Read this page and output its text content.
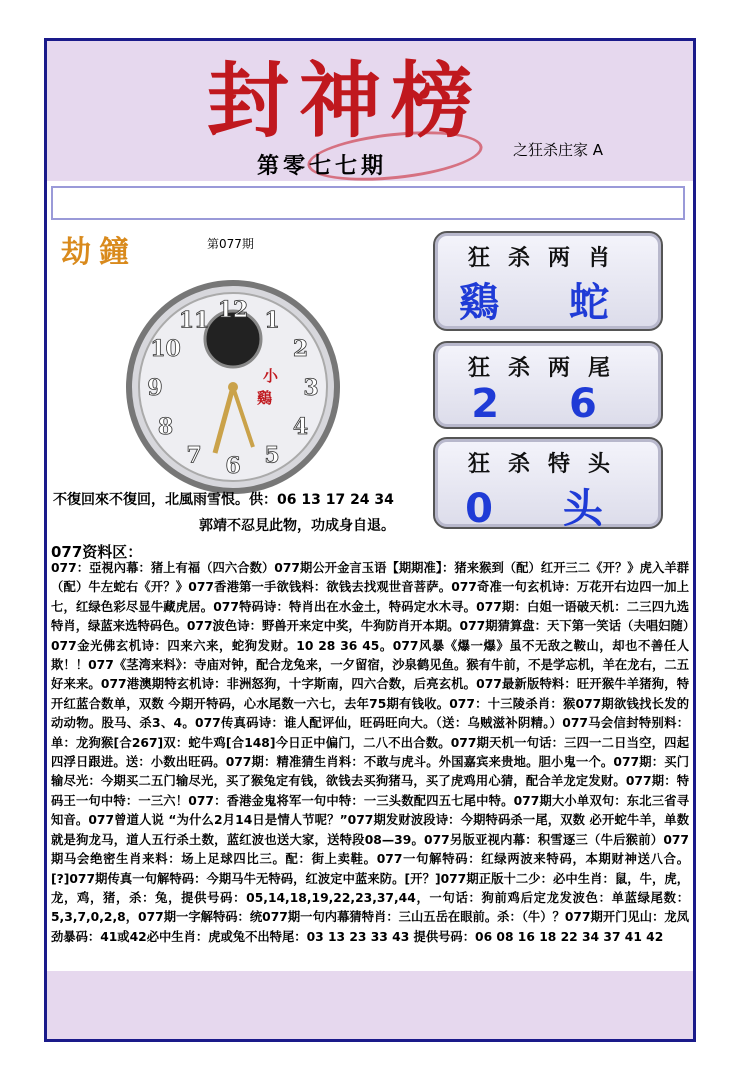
封神榜
第零七七期
之狂杀庄家 A
劫鐘	第077期
12 1
2
3
4
5
6
7
8
9
10
11
小
鷄
不復回來不復回，北風雨雪恨。供：06 13 17 24 34
郭靖不忍見此物，功成身自退。
狂杀两肖
鷄 蛇
狂杀两尾
2 6
狂杀特头
0 头
077资料区：
077：亞視內幕：猪上有福（四六合数）077期公开金言玉语【期期准】：猪来猴到（配）红开三二《开？》虎入羊群（配）牛左蛇右《开？》077香港第一手欲钱料：欲钱去找观世音菩萨。077奇准一句玄机诗：万花开右边四一加上七，红绿色彩尽显牛藏虎居。077特码诗：特肖出在水金土，特码定水木寻。077期：白姐一语破天机：二三四九选特肖，绿蓝来选特码色。077波色诗：野兽开来定中奖，牛狗防肖开本期。077期猜算盘：天下第一笑话（夫唱妇随）077金光佛玄机诗：四来六来，蛇狗发财。10 28 36 45。077风暴《爆一爆》虽不无敌之鞍山，却也不善任人欺！！077《茎湾来料》：寺庙对钟，配合龙兔来，一夕留宿，沙泉鹤见鱼。猴有牛前，不是学忘机，羊在龙右，二五好来来。077港澳期特玄机诗：非洲怒狗，十字斯南，四六合数，后亮玄机。077最新版特料：旺开猴牛羊猪狗，特开红蓝合数单，双数 今期开特码，心水尾数一六七，去年75期有钱收。077：十三陵杀肖：猴077期欲钱找长发的动动物。股马、杀3、4。077传真码诗：谁人配评仙，旺码旺向大。（送：乌贼滋补阴精。）077马会信封特别料：单：龙狗猴[合267]双：蛇牛鸡[合148]今日正中偏门，二八不出合数。077期天机一句话：三四一二日当空，四起四浮日跟进。送：小数出旺码。077期：精准猜生肖料：不敢与虎斗。外国嘉宾来贵地。胆小鬼一个。077期：买门输尽光：今期买二五门输尽光，买了猴兔定有钱，欲钱去买狗猪马，买了虎鸡用心猜，配合羊龙定发财。077期：特码王一句中特：一三六！077：香港金鬼将军一句中特：一三头数配四五七尾中特。077期大小单双句：东北三省寻知音。077曾道人说 “为什么2月14日是情人节呢？”077期发财波段诗：今期特码杀一尾，双数 必开蛇牛羊，单数就是狗龙马，道人五行杀土数，蓝红波也送大家，送特段08—39。077另版亚视内幕：积雪逐三（牛后猴前）077期马会绝密生肖来料：场上足球四比三。配：街上卖鞋。077一句解特码：红绿两波来特码，本期财神送八合。[?]077期传真一句解特码：今期马牛无特码，红波定中蓝来防。[开？]077期正版十二少：必中生肖：鼠，牛，虎，龙，鸡，猪，杀：兔，提供号码：05,14,18,19,22,23,37,44，一句话：狗前鸡后定龙发波色：单蓝绿尾数：5,3,7,0,2,8，077期一字解特码：统077期一句内幕猜特肖：三山五岳在眼前。杀：（牛）？077期开门见山：龙凤劲暴码：41或42必中生肖：虎或兔不出特尾：03 13 23 33 43 提供号码：06 08 16 18 22 34 37 41 42
